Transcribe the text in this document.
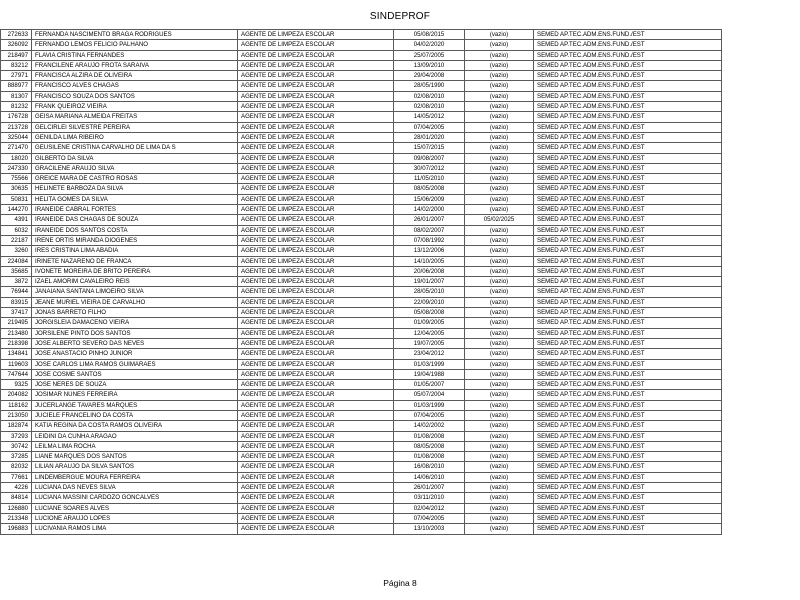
SINDEPROF
272633	FERNANDA NASCIMENTO BRAGA RODRIGUES	AGENTE DE LIMPEZA ESCOLAR	05/08/2015	(vazio)	SEMED AP.TEC.ADM.ENS.FUND./EST
326092	FERNANDO LEMOS FELICIO PALHANO	AGENTE DE LIMPEZA ESCOLAR	04/02/2020	(vazio)	SEMED AP.TEC.ADM.ENS.FUND./EST
218497	FLAVIA CRISTINA FERNANDES	AGENTE DE LIMPEZA ESCOLAR	25/07/2005	(vazio)	SEMED AP.TEC.ADM.ENS.FUND./EST
83212	FRANCILENE ARAUJO FROTA SARAIVA	AGENTE DE LIMPEZA ESCOLAR	13/09/2010	(vazio)	SEMED AP.TEC.ADM.ENS.FUND./EST
27971	FRANCISCA ALZIRA DE OLIVEIRA	AGENTE DE LIMPEZA ESCOLAR	29/04/2008	(vazio)	SEMED AP.TEC.ADM.ENS.FUND./EST
888977	FRANCISCO ALVES CHAGAS	AGENTE DE LIMPEZA ESCOLAR	28/05/1990	(vazio)	SEMED AP.TEC.ADM.ENS.FUND./EST
81307	FRANCISCO SOUZA DOS SANTOS	AGENTE DE LIMPEZA ESCOLAR	02/08/2010	(vazio)	SEMED AP.TEC.ADM.ENS.FUND./EST
81232	FRANK QUEIROZ VIEIRA	AGENTE DE LIMPEZA ESCOLAR	02/08/2010	(vazio)	SEMED AP.TEC.ADM.ENS.FUND./EST
176728	GEISA MARIANA ALMEIDA FREITAS	AGENTE DE LIMPEZA ESCOLAR	14/05/2012	(vazio)	SEMED AP.TEC.ADM.ENS.FUND./EST
213728	GELCIRLEI SILVESTRE PEREIRA	AGENTE DE LIMPEZA ESCOLAR	07/04/2005	(vazio)	SEMED AP.TEC.ADM.ENS.FUND./EST
325044	GENILDA LIMA RIBEIRO	AGENTE DE LIMPEZA ESCOLAR	28/01/2020	(vazio)	SEMED AP.TEC.ADM.ENS.FUND./EST
271470	GEUSILENE CRISTINA CARVALHO DE LIMA DA S	AGENTE DE LIMPEZA ESCOLAR	15/07/2015	(vazio)	SEMED AP.TEC.ADM.ENS.FUND./EST
18020	GILBERTO DA SILVA	AGENTE DE LIMPEZA ESCOLAR	09/08/2007	(vazio)	SEMED AP.TEC.ADM.ENS.FUND./EST
247330	GRACILENE ARAUJO SILVA	AGENTE DE LIMPEZA ESCOLAR	30/07/2012	(vazio)	SEMED AP.TEC.ADM.ENS.FUND./EST
75566	GREICE MARA DE CASTRO ROSAS	AGENTE DE LIMPEZA ESCOLAR	11/05/2010	(vazio)	SEMED AP.TEC.ADM.ENS.FUND./EST
30635	HELINETE BARBOZA DA SILVA	AGENTE DE LIMPEZA ESCOLAR	08/05/2008	(vazio)	SEMED AP.TEC.ADM.ENS.FUND./EST
50831	HELITA GOMES DA SILVA	AGENTE DE LIMPEZA ESCOLAR	15/06/2009	(vazio)	SEMED AP.TEC.ADM.ENS.FUND./EST
144270	IRANEIDE CABRAL FORTES	AGENTE DE LIMPEZA ESCOLAR	14/02/2000	(vazio)	SEMED AP.TEC.ADM.ENS.FUND./EST
4391	IRANEIDE DAS CHAGAS DE SOUZA	AGENTE DE LIMPEZA ESCOLAR	26/01/2007	05/02/2025	SEMED AP.TEC.ADM.ENS.FUND./EST
6032	IRANEIDE DOS SANTOS COSTA	AGENTE DE LIMPEZA ESCOLAR	08/02/2007	(vazio)	SEMED AP.TEC.ADM.ENS.FUND./EST
22187	IRENE ORTIS MIRANDA DIOGENES	AGENTE DE LIMPEZA ESCOLAR	07/08/1992	(vazio)	SEMED AP.TEC.ADM.ENS.FUND./EST
3260	IRES CRISTINA LIMA ABADIA	AGENTE DE LIMPEZA ESCOLAR	13/12/2006	(vazio)	SEMED AP.TEC.ADM.ENS.FUND./EST
224084	IRINETE NAZARENO DE FRANCA	AGENTE DE LIMPEZA ESCOLAR	14/10/2005	(vazio)	SEMED AP.TEC.ADM.ENS.FUND./EST
35685	IVONETE MOREIRA DE BRITO PEREIRA	AGENTE DE LIMPEZA ESCOLAR	20/06/2008	(vazio)	SEMED AP.TEC.ADM.ENS.FUND./EST
3872	IZAEL AMORIM CAVALEIRO REIS	AGENTE DE LIMPEZA ESCOLAR	19/01/2007	(vazio)	SEMED AP.TEC.ADM.ENS.FUND./EST
76944	JANAIANA SANTANA LIMOEIRO SILVA	AGENTE DE LIMPEZA ESCOLAR	28/05/2010	(vazio)	SEMED AP.TEC.ADM.ENS.FUND./EST
83915	JEANE MURIEL VIEIRA DE CARVALHO	AGENTE DE LIMPEZA ESCOLAR	22/09/2010	(vazio)	SEMED AP.TEC.ADM.ENS.FUND./EST
37417	JONAS BARRETO FILHO	AGENTE DE LIMPEZA ESCOLAR	05/08/2008	(vazio)	SEMED AP.TEC.ADM.ENS.FUND./EST
219495	JORGISLEIA DAMACENO VIEIRA	AGENTE DE LIMPEZA ESCOLAR	01/09/2005	(vazio)	SEMED AP.TEC.ADM.ENS.FUND./EST
213480	JORSILENE PINTO DOS SANTOS	AGENTE DE LIMPEZA ESCOLAR	12/04/2005	(vazio)	SEMED AP.TEC.ADM.ENS.FUND./EST
218398	JOSE ALBERTO SEVERO DAS NEVES	AGENTE DE LIMPEZA ESCOLAR	19/07/2005	(vazio)	SEMED AP.TEC.ADM.ENS.FUND./EST
134841	JOSE ANASTACIO PINHO JUNIOR	AGENTE DE LIMPEZA ESCOLAR	23/04/2012	(vazio)	SEMED AP.TEC.ADM.ENS.FUND./EST
119603	JOSE CARLOS LIMA RAMOS GUIMARAES	AGENTE DE LIMPEZA ESCOLAR	01/03/1999	(vazio)	SEMED AP.TEC.ADM.ENS.FUND./EST
747644	JOSE COSME SANTOS	AGENTE DE LIMPEZA ESCOLAR	19/04/1988	(vazio)	SEMED AP.TEC.ADM.ENS.FUND./EST
9325	JOSE NERES DE SOUZA	AGENTE DE LIMPEZA ESCOLAR	01/05/2007	(vazio)	SEMED AP.TEC.ADM.ENS.FUND./EST
204082	JOSIMAR NUNES FERREIRA	AGENTE DE LIMPEZA ESCOLAR	05/07/2004	(vazio)	SEMED AP.TEC.ADM.ENS.FUND./EST
118162	JUCERLANGE TAVARES MARQUES	AGENTE DE LIMPEZA ESCOLAR	01/03/1999	(vazio)	SEMED AP.TEC.ADM.ENS.FUND./EST
213050	JUCIELE FRANCELINO DA COSTA	AGENTE DE LIMPEZA ESCOLAR	07/04/2005	(vazio)	SEMED AP.TEC.ADM.ENS.FUND./EST
182874	KATIA REGINA DA COSTA RAMOS OLIVEIRA	AGENTE DE LIMPEZA ESCOLAR	14/02/2002	(vazio)	SEMED AP.TEC.ADM.ENS.FUND./EST
37293	LEIDINI DA CUNHA ARAGAO	AGENTE DE LIMPEZA ESCOLAR	01/08/2008	(vazio)	SEMED AP.TEC.ADM.ENS.FUND./EST
30742	LEILMA LIMA ROCHA	AGENTE DE LIMPEZA ESCOLAR	08/05/2008	(vazio)	SEMED AP.TEC.ADM.ENS.FUND./EST
37285	LIANE MARQUES DOS SANTOS	AGENTE DE LIMPEZA ESCOLAR	01/08/2008	(vazio)	SEMED AP.TEC.ADM.ENS.FUND./EST
82032	LILIAN ARAUJO DA SILVA SANTOS	AGENTE DE LIMPEZA ESCOLAR	16/08/2010	(vazio)	SEMED AP.TEC.ADM.ENS.FUND./EST
77661	LINDEMBERGUE MOURA FERREIRA	AGENTE DE LIMPEZA ESCOLAR	14/06/2010	(vazio)	SEMED AP.TEC.ADM.ENS.FUND./EST
4226	LUCIANA DAS NEVES SILVA	AGENTE DE LIMPEZA ESCOLAR	26/01/2007	(vazio)	SEMED AP.TEC.ADM.ENS.FUND./EST
84814	LUCIANA MASSINI CARDOZO GONCALVES	AGENTE DE LIMPEZA ESCOLAR	03/11/2010	(vazio)	SEMED AP.TEC.ADM.ENS.FUND./EST
126880	LUCIANE SOARES ALVES	AGENTE DE LIMPEZA ESCOLAR	02/04/2012	(vazio)	SEMED AP.TEC.ADM.ENS.FUND./EST
213348	LUCIONE ARAUJO LOPES	AGENTE DE LIMPEZA ESCOLAR	07/04/2005	(vazio)	SEMED AP.TEC.ADM.ENS.FUND./EST
196883	LUCIVANIA RAMOS LIMA	AGENTE DE LIMPEZA ESCOLAR	13/10/2003	(vazio)	SEMED AP.TEC.ADM.ENS.FUND./EST
Página 8
